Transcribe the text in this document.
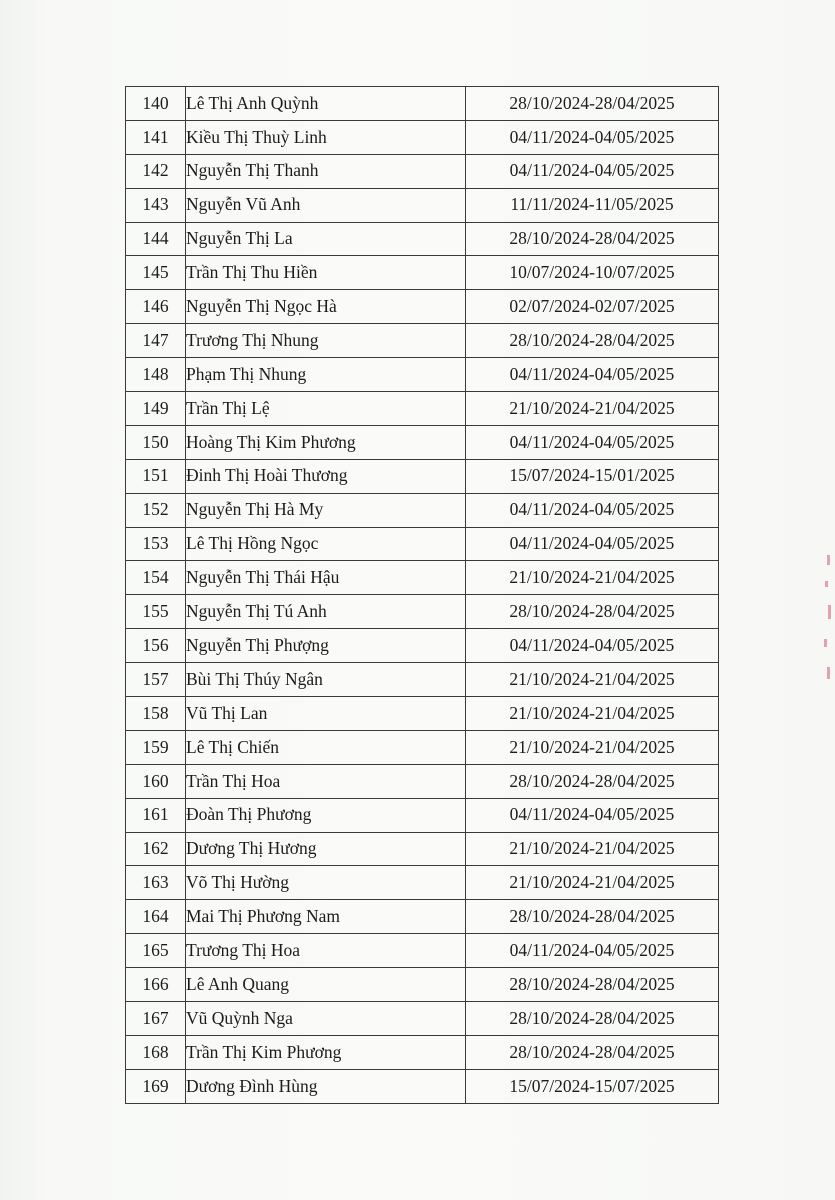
140	Lê Thị Anh Quỳnh	28/10/2024-28/04/2025
141	Kiều Thị Thuỳ Linh	04/11/2024-04/05/2025
142	Nguyễn Thị Thanh	04/11/2024-04/05/2025
143	Nguyễn Vũ Anh	11/11/2024-11/05/2025
144	Nguyễn Thị La	28/10/2024-28/04/2025
145	Trần Thị Thu Hiền	10/07/2024-10/07/2025
146	Nguyễn Thị Ngọc Hà	02/07/2024-02/07/2025
147	Trương Thị Nhung	28/10/2024-28/04/2025
148	Phạm Thị Nhung	04/11/2024-04/05/2025
149	Trần Thị Lệ	21/10/2024-21/04/2025
150	Hoàng Thị Kim Phương	04/11/2024-04/05/2025
151	Đinh Thị Hoài Thương	15/07/2024-15/01/2025
152	Nguyễn Thị Hà My	04/11/2024-04/05/2025
153	Lê Thị Hồng Ngọc	04/11/2024-04/05/2025
154	Nguyễn Thị Thái Hậu	21/10/2024-21/04/2025
155	Nguyễn Thị Tú Anh	28/10/2024-28/04/2025
156	Nguyễn Thị Phượng	04/11/2024-04/05/2025
157	Bùi Thị Thúy Ngân	21/10/2024-21/04/2025
158	Vũ Thị Lan	21/10/2024-21/04/2025
159	Lê Thị Chiến	21/10/2024-21/04/2025
160	Trần Thị Hoa	28/10/2024-28/04/2025
161	Đoàn Thị Phương	04/11/2024-04/05/2025
162	Dương Thị Hương	21/10/2024-21/04/2025
163	Võ Thị Hường	21/10/2024-21/04/2025
164	Mai Thị Phương Nam	28/10/2024-28/04/2025
165	Trương Thị Hoa	04/11/2024-04/05/2025
166	Lê Anh Quang	28/10/2024-28/04/2025
167	Vũ Quỳnh Nga	28/10/2024-28/04/2025
168	Trần Thị Kim Phương	28/10/2024-28/04/2025
169	Dương Đình Hùng	15/07/2024-15/07/2025
